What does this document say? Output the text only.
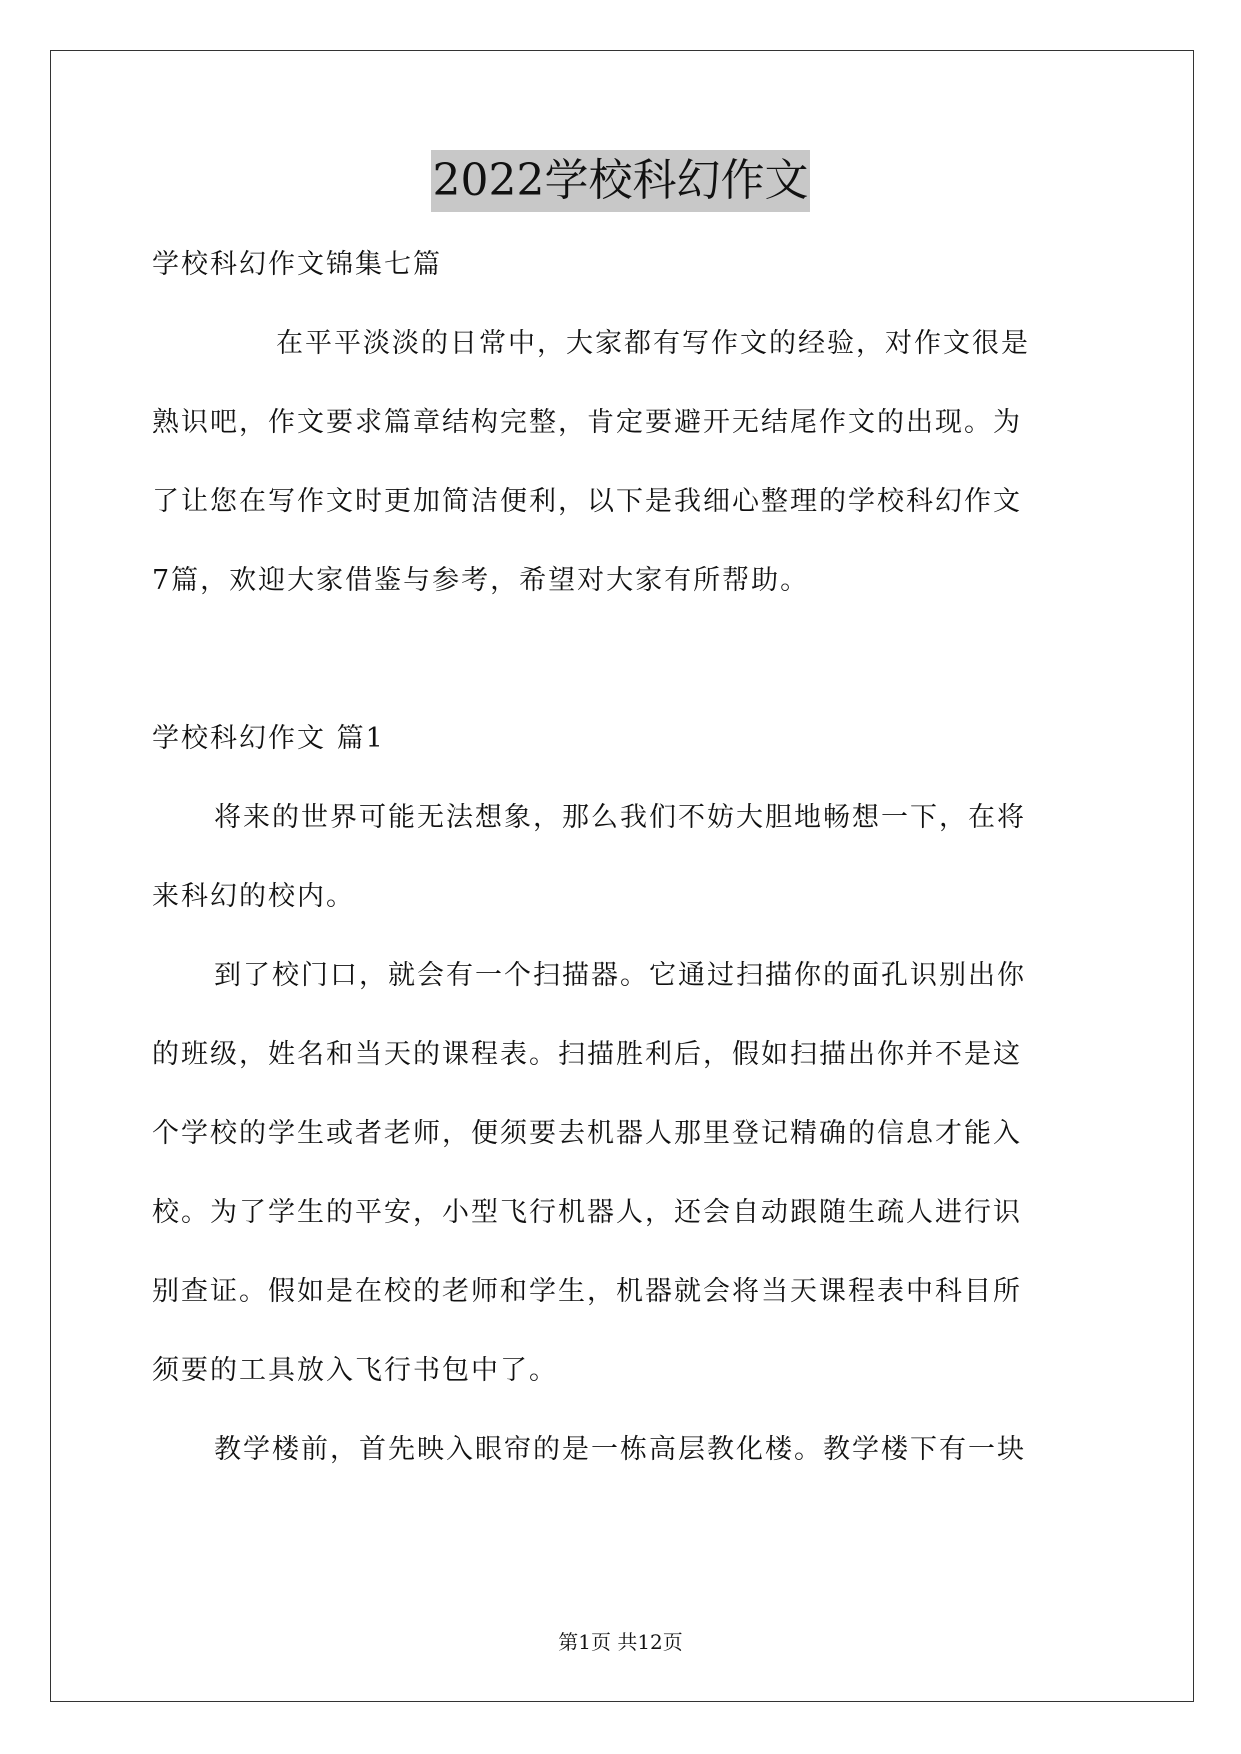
2022学校科幻作文
学校科幻作文锦集七篇
在平平淡淡的日常中，大家都有写作文的经验，对作文很是
熟识吧，作文要求篇章结构完整，肯定要避开无结尾作文的出现。为
了让您在写作文时更加简洁便利，以下是我细心整理的学校科幻作文
7篇，欢迎大家借鉴与参考，希望对大家有所帮助。
学校科幻作文 篇1
将来的世界可能无法想象，那么我们不妨大胆地畅想一下，在将
来科幻的校内。
到了校门口，就会有一个扫描器。它通过扫描你的面孔识别出你
的班级，姓名和当天的课程表。扫描胜利后，假如扫描出你并不是这
个学校的学生或者老师，便须要去机器人那里登记精确的信息才能入
校。为了学生的平安，小型飞行机器人，还会自动跟随生疏人进行识
别查证。假如是在校的老师和学生，机器就会将当天课程表中科目所
须要的工具放入飞行书包中了。
教学楼前，首先映入眼帘的是一栋高层教化楼。教学楼下有一块
第1页 共12页
